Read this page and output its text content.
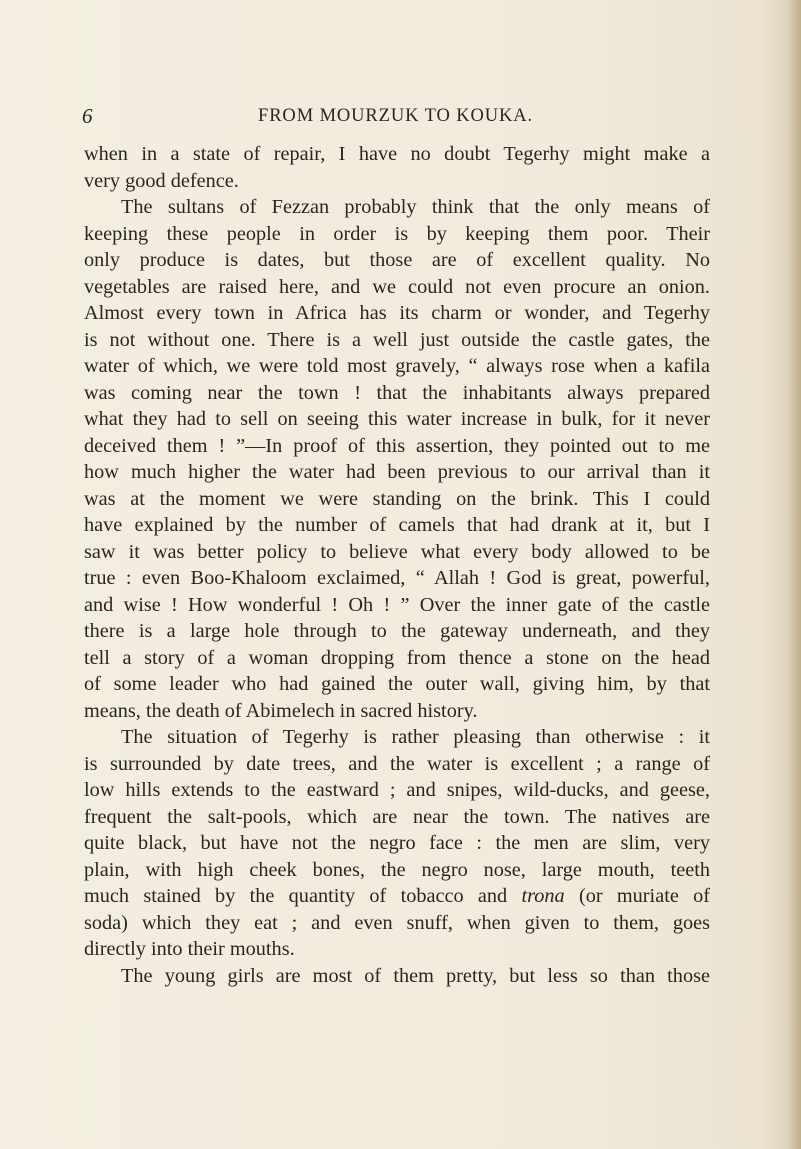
6	FROM MOURZUK TO KOUKA.
when in a state of repair, I have no doubt Tegerhy might make a
very good defence.
The sultans of Fezzan probably think that the only means of
keeping these people in order is by keeping them poor. Their
only produce is dates, but those are of excellent quality. No
vegetables are raised here, and we could not even procure an onion.
Almost every town in Africa has its charm or wonder, and Tegerhy
is not without one. There is a well just outside the castle gates, the
water of which, we were told most gravely, “ always rose when a kafila
was coming near the town ! that the inhabitants always prepared
what they had to sell on seeing this water increase in bulk, for it never
deceived them ! ”—In proof of this assertion, they pointed out to me
how much higher the water had been previous to our arrival than it
was at the moment we were standing on the brink. This I could
have explained by the number of camels that had drank at it, but I
saw it was better policy to believe what every body allowed to be
true : even Boo-Khaloom exclaimed, “ Allah ! God is great, powerful,
and wise ! How wonderful ! Oh ! ” Over the inner gate of the castle
there is a large hole through to the gateway underneath, and they
tell a story of a woman dropping from thence a stone on the head
of some leader who had gained the outer wall, giving him, by that
means, the death of Abimelech in sacred history.
The situation of Tegerhy is rather pleasing than otherwise : it
is surrounded by date trees, and the water is excellent ; a range of
low hills extends to the eastward ; and snipes, wild-ducks, and geese,
frequent the salt-pools, which are near the town. The natives are
quite black, but have not the negro face : the men are slim, very
plain, with high cheek bones, the negro nose, large mouth, teeth
much stained by the quantity of tobacco and trona (or muriate of
soda) which they eat ; and even snuff, when given to them, goes
directly into their mouths.
The young girls are most of them pretty, but less so than those
